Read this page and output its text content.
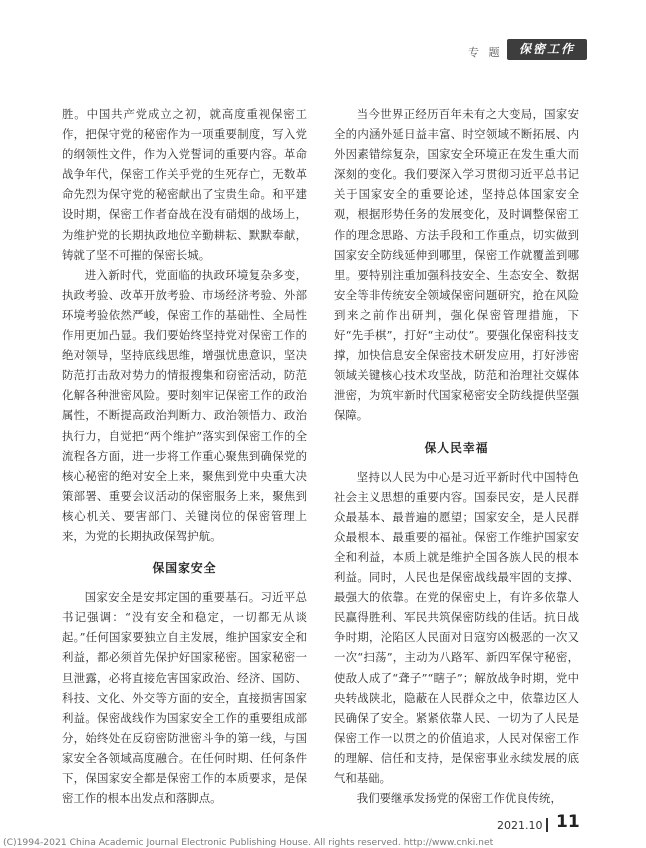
专 题	保密工作

胜。中国共产党成立之初，就高度重视保密工作，把保守党的秘密作为一项重要制度，写入党的纲领性文件，作为入党誓词的重要内容。革命战争年代，保密工作关乎党的生死存亡，无数革命先烈为保守党的秘密献出了宝贵生命。和平建设时期，保密工作者奋战在没有硝烟的战场上，为维护党的长期执政地位辛勤耕耘、默默奉献，铸就了坚不可摧的保密长城。

进入新时代，党面临的执政环境复杂多变，执政考验、改革开放考验、市场经济考验、外部环境考验依然严峻，保密工作的基础性、全局性作用更加凸显。我们要始终坚持党对保密工作的绝对领导，坚持底线思维，增强忧患意识，坚决防范打击敌对势力的情报搜集和窃密活动，防范化解各种泄密风险。要时刻牢记保密工作的政治属性，不断提高政治判断力、政治领悟力、政治执行力，自觉把“两个维护”落实到保密工作的全流程各方面，进一步将工作重心聚焦到确保党的核心秘密的绝对安全上来，聚焦到党中央重大决策部署、重要会议活动的保密服务上来，聚焦到核心机关、要害部门、关键岗位的保密管理上来，为党的长期执政保驾护航。

保国家安全

国家安全是安邦定国的重要基石。习近平总书记强调：“没有安全和稳定，一切都无从谈起。”任何国家要独立自主发展，维护国家安全和利益，都必须首先保护好国家秘密。国家秘密一旦泄露，必将直接危害国家政治、经济、国防、科技、文化、外交等方面的安全，直接损害国家利益。保密战线作为国家安全工作的重要组成部分，始终处在反窃密防泄密斗争的第一线，与国家安全各领域高度融合。在任何时期、任何条件下，保国家安全都是保密工作的本质要求，是保密工作的根本出发点和落脚点。

当今世界正经历百年未有之大变局，国家安全的内涵外延日益丰富、时空领域不断拓展、内外因素错综复杂，国家安全环境正在发生重大而深刻的变化。我们要深入学习贯彻习近平总书记关于国家安全的重要论述，坚持总体国家安全观，根据形势任务的发展变化，及时调整保密工作的理念思路、方法手段和工作重点，切实做到国家安全防线延伸到哪里，保密工作就覆盖到哪里。要特别注重加强科技安全、生态安全、数据安全等非传统安全领域保密问题研究，抢在风险到来之前作出研判，强化保密管理措施，下好“先手棋”，打好“主动仗”。要强化保密科技支撑，加快信息安全保密技术研发应用，打好涉密领域关键核心技术攻坚战，防范和治理社交媒体泄密，为筑牢新时代国家秘密安全防线提供坚强保障。

保人民幸福

坚持以人民为中心是习近平新时代中国特色社会主义思想的重要内容。国泰民安，是人民群众最基本、最普遍的愿望；国家安全，是人民群众最根本、最重要的福祉。保密工作维护国家安全和利益，本质上就是维护全国各族人民的根本利益。同时，人民也是保密战线最牢固的支撑、最强大的依靠。在党的保密史上，有许多依靠人民赢得胜利、军民共筑保密防线的佳话。抗日战争时期，沦陷区人民面对日寇穷凶极恶的一次又一次“扫荡”，主动为八路军、新四军保守秘密，使敌人成了“聋子”“瞎子”；解放战争时期，党中央转战陕北，隐蔽在人民群众之中，依靠边区人民确保了安全。紧紧依靠人民、一切为了人民是保密工作一以贯之的价值追求，人民对保密工作的理解、信任和支持，是保密事业永续发展的底气和基础。

我们要继承发扬党的保密工作优良传统，

2021.10 11
(C)1994-2021 China Academic Journal Electronic Publishing House. All rights reserved. http://www.cnki.net
